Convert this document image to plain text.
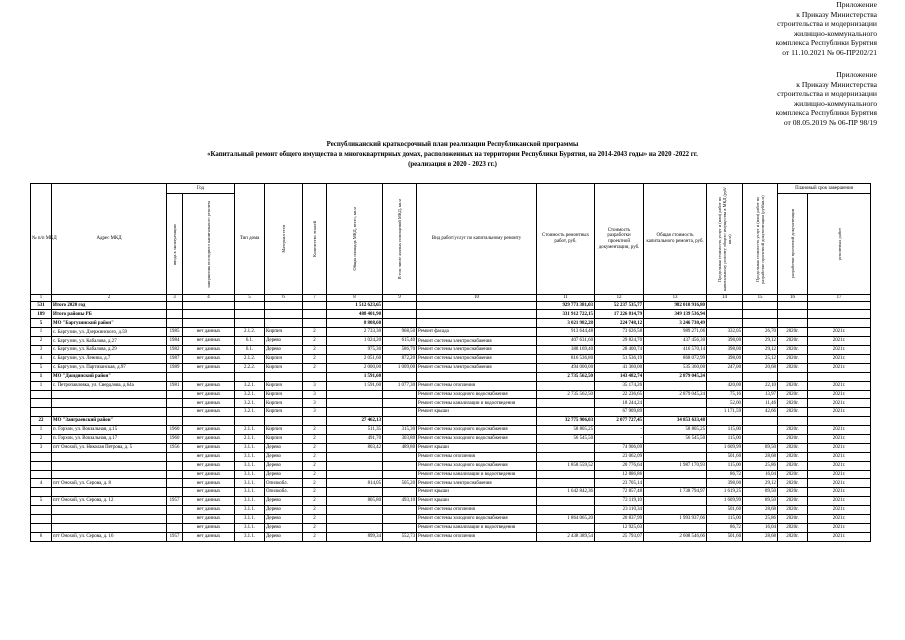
Приложение
к Приказу Министерства
строительства и модернизации
жилищно-коммунального
комплекса Республики Бурятия
от 11.10.2021 № 06-ПР202/21
Приложение
к Приказу Министерства
строительства и модернизации
жилищно-коммунального
комплекса Республики Бурятия
от 08.05.2019 № 06-ПР 98/19
Республиканский краткосрочный план реализации Республиканской программы
«Капитальный ремонт общего имущества в многоквартирных домах, расположенных на территории Республики Бурятия, на 2014-2043 годы» на 2020 -2022 гг.
(реализация в 2020 - 2023 гг.)
№ п/п МКД	Адрес МКД	Год		Тип дома	Материал стен	Количество этажей	Общая площадь МКД, всего, кв.м	В том числе жилых помещений МКД, кв.м	Вид работ/услуг по капитальному ремонту	Стоимость ремонтных работ, руб.	Стоимость разработки проектной документации, руб.	Общая стоимость капитального ремонта, руб.	Предельная стоимость услуг и (или) работ по капитальному ремонту общего имущества в МКД (руб/кв.м)	Предельная стоимость услуг и (или) работ по разработке проектной документации (руб/кв.м)	Плановый срок завершения	

		ввода в эксплуатацию	завершения последнего капитального ремонта												разработки проектной документации	ремонтных работ

1	2	3	4	5	6	7	8	9	10	11	12	13	14	15	16	17
531	Итого 2020 год						1 512 623,65			929 773 381,03	52 237 535,77	982 010 916,80				
189	Итого районы РБ						488 401,90			331 912 722,15	17 226 814,79	349 139 536,94				
5	МО "Баргузинский район"						8 808,60			3 021 982,28	224 748,12	3 246 730,49				
1	с. Баргузин, ул. Дзержинского, д.59	1985	нет данных	2.1.2.	Кирпич	2	2 733,30	968,50	Ремонт фасада	913 644,48	73 626,58	989 271,06	332,05	26,70	2020г.	2021г.
2	с. Баргузин, ул. Кабалова, д.27	1984	нет данных	6.1.	Дерево	2	1 024,20	615,40	Ремонт системы электроснабжения	407 631,60	29 824,70	437 456,30	398,00	29,12	2020г.	2021г.
3	с. Баргузин, ул. Кабалова, д.29	1982	нет данных	6.1.	Дерево	2	975,30	586,70	Ремонт системы электроснабжения	388 169,40	28 400,74	416 570,14	398,00	29,12	2020г.	2021г.
4	с. Баргузин, ул. Ленина, д.7	1987	нет данных	2.1.2.	Кирпич	2	2 051,60	872,20	Ремонт системы электроснабжения	816 536,80	51 536,19	868 072,99	398,00	25,12	2020г.	2021г.
5	с. Баргузин, ул. Партизанская, д.97	1989	нет данных	2.2.2.	Кирпич	2	2 000,00	1 009,00	Ремонт системы электроснабжения	494 000,00	41 360,00	535 360,00	247,00	20,68	2020г.	2021г.
1	МО "Джидинский район"						1 591,60			2 735 562,50	143 482,74	2 879 045,24				
1	с. Петропавловка, ул. Свердлова, д.64а	1981	нет данных	3.2.1.	Кирпич	3	1 591,60	1 077,30	Ремонт системы отопления		35 174,26		420,00	22,10	2020г.	2021г.
			нет данных	3.2.1.	Кирпич	3			Ремонт системы холодного водоснабжения	2 735 562,50	22 236,65	2 879 045,24	75,16	13,97	2020г.	2021г.
			нет данных	3.2.1.	Кирпич	3			Ремонт системы канализации и водоотведения		18 244,24		52,00	11,46	2020г.	2021г.
			нет данных	3.2.1.	Кирпич	3			Ремонт крыши		67 909,89		1 171,59	42,66	2020г.	2021г.
22	МО "Заиграевский район"						27 462,13			32 775 906,03	2 077 727,45	34 853 633,48				
1	п. Горхон, ул. Вокзальная, д.15	1960	нет данных	2.1.1.	Кирпич	2	511,35	315,30	Ремонт системы холодного водоснабжения	58 805,25	-	58 805,25	115,00		2020г.	2021г.
2	п. Горхон, ул. Вокзальная, д.17	1960	нет данных	2.1.1.	Кирпич	2	491,70	303,80	Ремонт системы холодного водоснабжения	56 545,50	-	56 545,50	115,00		2020г.	2021г.
3	пгт Онохой, ул. Николая Петрова, д. 5	1956	нет данных	3.1.1.	Дерево	2	803,42	489,80	Ремонт крыши		74 906,09		1 609,99	89,50	2020г.	2021г.
			нет данных	3.1.1.	Дерево	2			Ремонт системы отопления		23 062,09		501,60	28,68	2020г.	2021г.
			нет данных	3.1.1.	Дерево	2			Ремонт системы холодного водоснабжения	1 858 559,52	20 776,64	1 987 170,93	115,00	25,86	2020г.	2021г.
			нет данных	3.1.1.	Дерево	2			Ремонт системы канализации и водоотведения		12 886,86		86,72	16,04	2020г.	2021г.
4	пгт Онохой, ул. Серова, д. 8		нет данных	3.1.1.	Опилкобл.	2	814,05	505,20	Ремонт системы электроснабжения		23 705,14		398,00	29,12	2020г.	2021г.
			нет данных	3.1.1.	Опилкобл.	2			Ремонт крыши	1 642 842,36	72 857,48	1 738 794,97	1 619,25	89,50	2020г.	2021г.
5	пгт Онохой, ул. Серова, д. 12	1957	нет данных	3.1.1.	Дерево	2	805,80	493,10	Ремонт крыши		72 119,10		1 609,99	89,50	2020г.	2021г.
			нет данных	3.1.1.	Дерево	2			Ремонт системы отопления		23 110,34		501,60	28,68	2020г.	2021г.
			нет данных	3.1.1.	Дерево	2			Ремонт системы холодного водоснабжения	1 864 065,20	20 837,99	1 993 937,66	115,00	25,86	2020г.	2021г.
			нет данных	3.1.1.	Дерево	2			Ремонт системы канализации и водоотведения		12 925,03		86,72	16,04	2020г.	2021г.
6	пгт Онохой, ул. Серова, д. 16	1957	нет данных	3.1.1.	Дерево	2	899,34	552,73	Ремонт системы отопления	2 438 389,54	25 793,07	2 608 546,66	501,60	28,68	2020г.	2021г.
